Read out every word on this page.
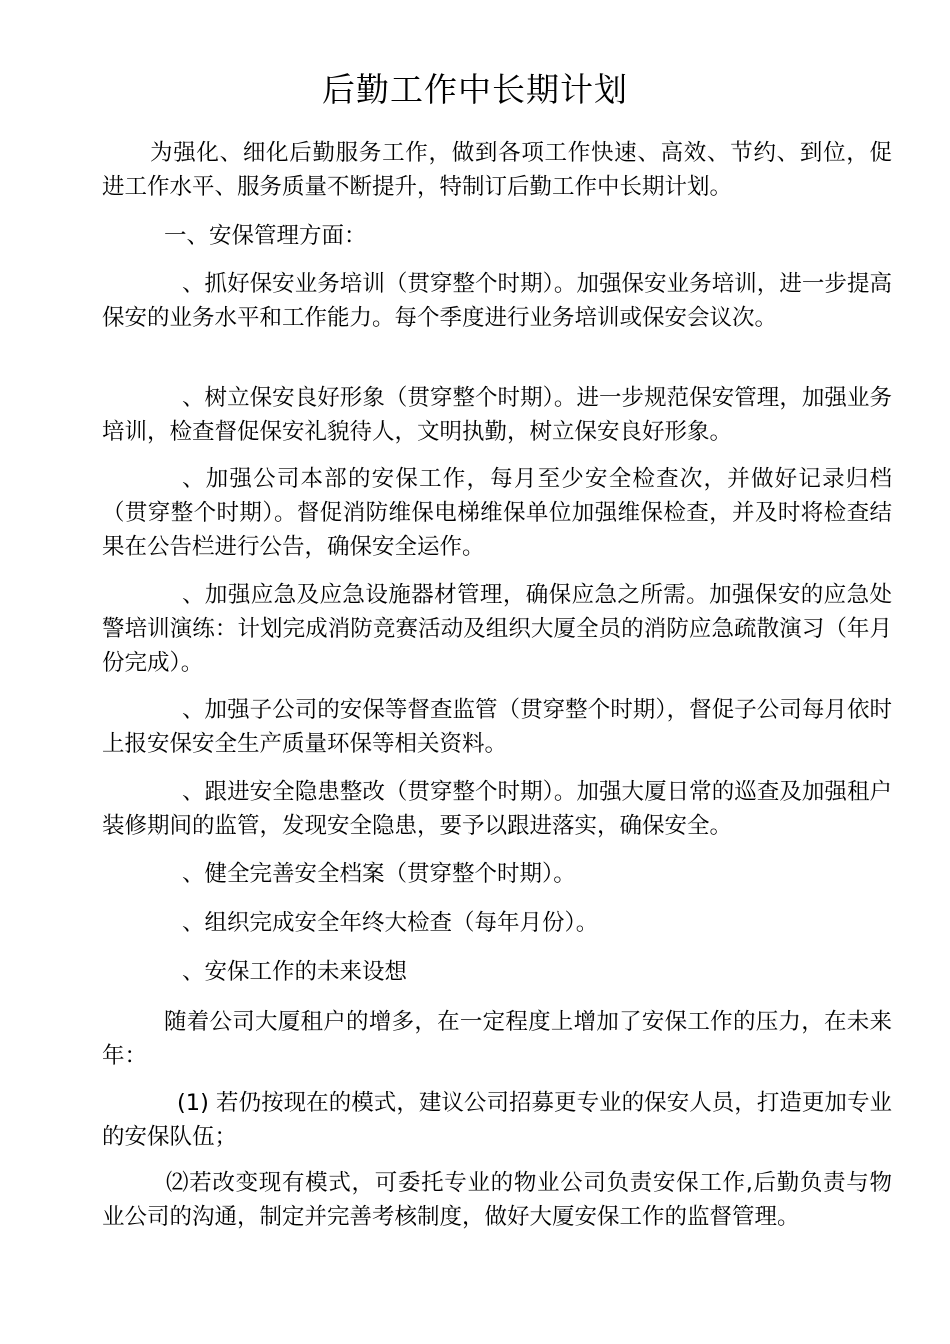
后勤工作中长期计划

为强化、细化后勤服务工作，做到各项工作快速、高效、节约、到位，促进工作水平、服务质量不断提升，特制订后勤工作中长期计划。

一、安保管理方面：

、抓好保安业务培训（贯穿整个时期）。加强保安业务培训，进一步提高保安的业务水平和工作能力。每个季度进行业务培训或保安会议次。

、树立保安良好形象（贯穿整个时期）。进一步规范保安管理，加强业务培训，检查督促保安礼貌待人，文明执勤，树立保安良好形象。

、加强公司本部的安保工作，每月至少安全检查次，并做好记录归档（贯穿整个时期）。督促消防维保电梯维保单位加强维保检查，并及时将检查结果在公告栏进行公告，确保安全运作。

、加强应急及应急设施器材管理，确保应急之所需。加强保安的应急处警培训演练：计划完成消防竞赛活动及组织大厦全员的消防应急疏散演习（年月份完成）。

、加强子公司的安保等督查监管（贯穿整个时期），督促子公司每月依时上报安保安全生产质量环保等相关资料。

、跟进安全隐患整改（贯穿整个时期）。加强大厦日常的巡查及加强租户装修期间的监管，发现安全隐患，要予以跟进落实，确保安全。

、健全完善安全档案（贯穿整个时期）。

、组织完成安全年终大检查（每年月份）。

、安保工作的未来设想

随着公司大厦租户的增多，在一定程度上增加了安保工作的压力，在未来年：

(1) 若仍按现在的模式，建议公司招募更专业的保安人员，打造更加专业的安保队伍；

⑵若改变现有模式，可委托专业的物业公司负责安保工作,后勤负责与物业公司的沟通，制定并完善考核制度，做好大厦安保工作的监督管理。
